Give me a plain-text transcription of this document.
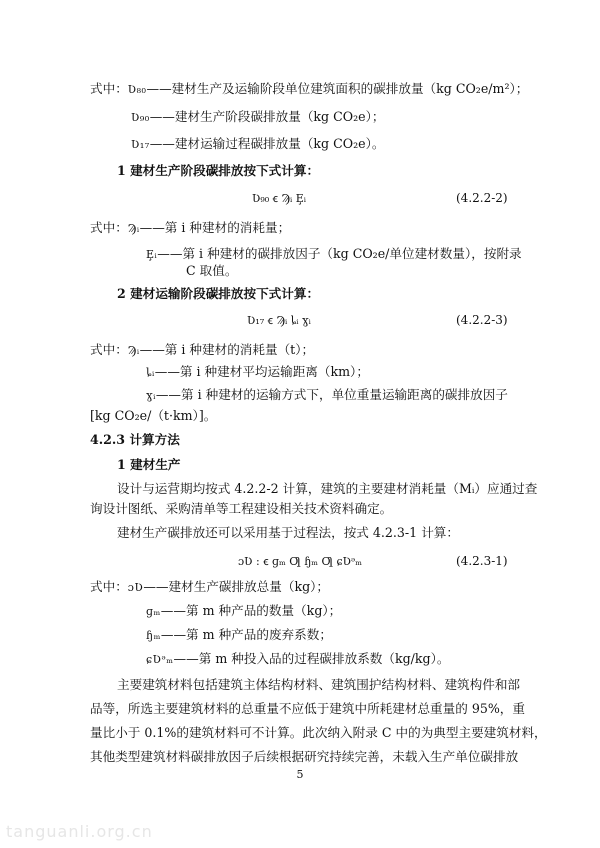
式中：Ʋ₈₀——建材生产及运输阶段单位建筑面积的碳排放量（kg CO₂e/m²）；
Ʋ₉₀——建材生产阶段碳排放量（kg CO₂e）；
Ʋ₁₇——建材运输过程碳排放量（kg CO₂e）。
1 建材生产阶段碳排放按下式计算：
Ʋ₉₀ ꞓ Ϡᵢ Ȩᵢ	(4.2.2-2)
式中：Ϡᵢ——第 i 种建材的消耗量；
Ȩᵢ——第 i 种建材的碳排放因子（kg CO₂e/单位建材数量），按附录
C 取值。
2 建材运输阶段碳排放按下式计算：
Ʋ₁₇ ꞓ Ϡᵢ ȴᵢ ɣᵢ	(4.2.2-3)
式中：Ϡᵢ——第 i 种建材的消耗量（t）；
ȴᵢ——第 i 种建材平均运输距离（km）；
ɣᵢ——第 i 种建材的运输方式下，单位重量运输距离的碳排放因子
[kg CO₂e/（t·km）]。
4.2.3 计算方法
1 建材生产
设计与运营期均按式 4.2.2-2 计算，建筑的主要建材消耗量（Mᵢ）应通过查
询设计图纸、采购清单等工程建设相关技术资料确定。
建材生产碳排放还可以采用基于过程法，按式 4.2.3-1 计算：
ɔƲ : ꞓ ɡₘ Ƣ ɧₘ Ƣ ɕƲᵊₘ	(4.2.3-1)
式中：ɔƲ——建材生产碳排放总量（kg）；
ɡₘ——第 m 种产品的数量（kg）；
ɧₘ——第 m 种产品的废弃系数；
ɕƲᵊₘ——第 m 种投入品的过程碳排放系数（kg/kg）。
主要建筑材料包括建筑主体结构材料、建筑围护结构材料、建筑构件和部
品等，所选主要建筑材料的总重量不应低于建筑中所耗建材总重量的 95%，重
量比小于 0.1%的建筑材料可不计算。此次纳入附录 C 中的为典型主要建筑材料，
其他类型建筑材料碳排放因子后续根据研究持续完善，未载入生产单位碳排放
5
tanguanli.org.cn
